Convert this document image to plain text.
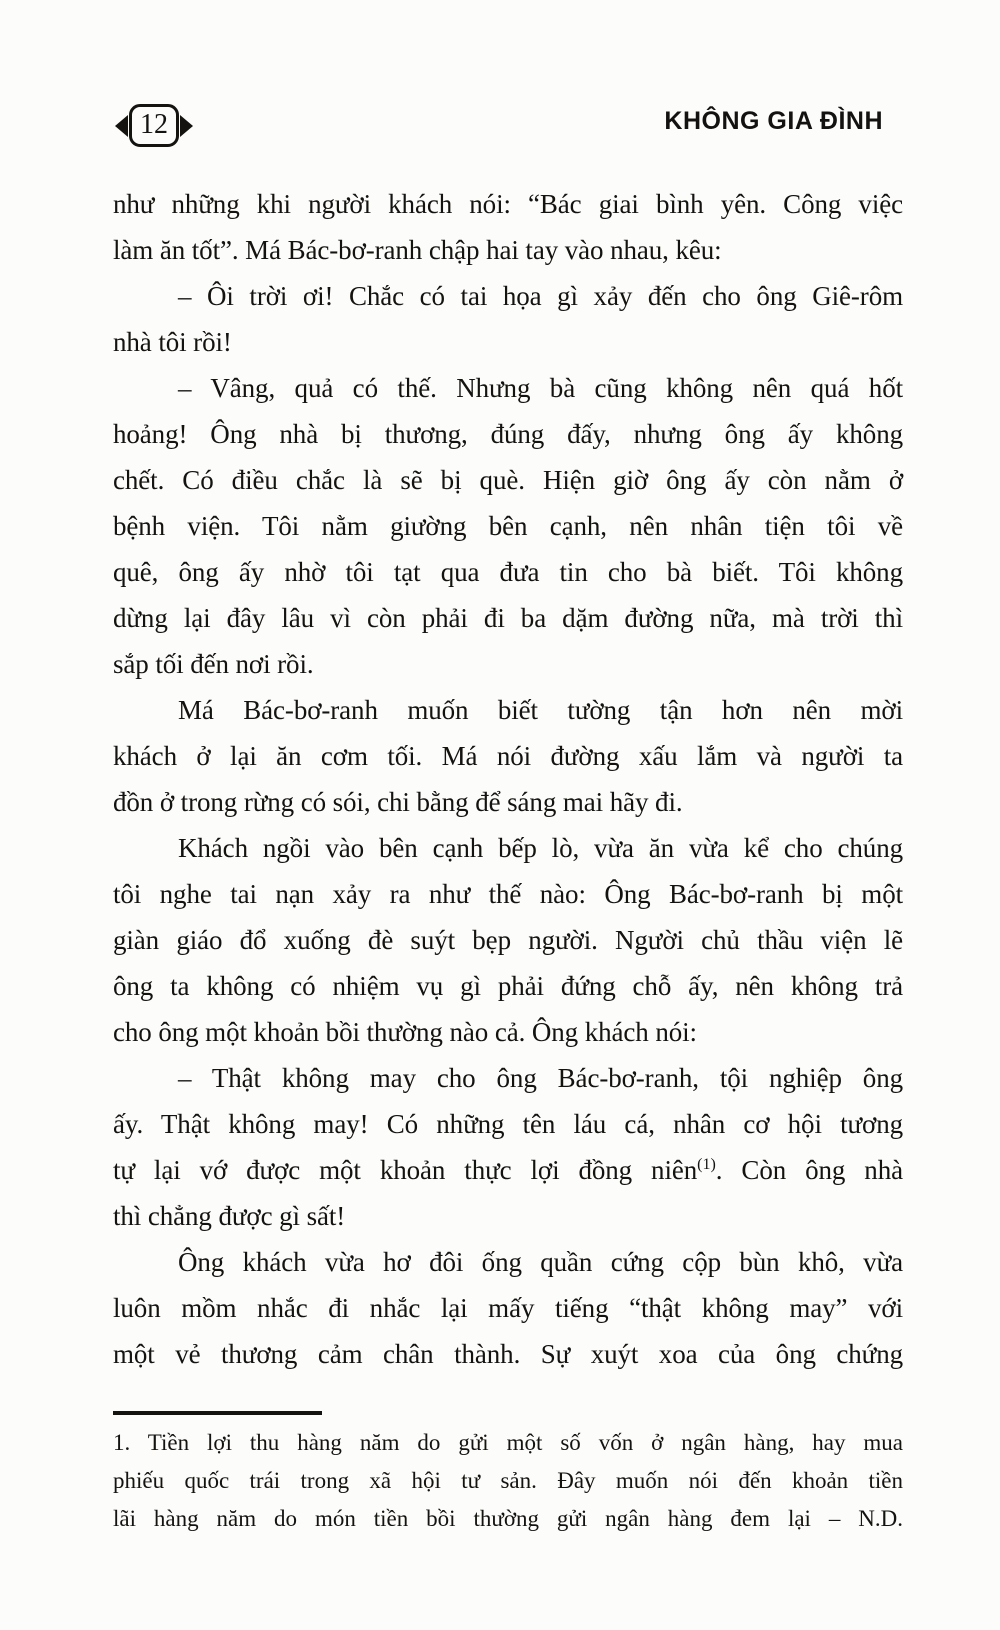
12	KHÔNG GIA ĐÌNH
như những khi người khách nói: “Bác giai bình yên. Công việc
làm ăn tốt”. Má Bác-bơ-ranh chập hai tay vào nhau, kêu:
– Ôi trời ơi! Chắc có tai họa gì xảy đến cho ông Giê-rôm
nhà tôi rồi!
– Vâng, quả có thế. Nhưng bà cũng không nên quá hốt
hoảng! Ông nhà bị thương, đúng đấy, nhưng ông ấy không
chết. Có điều chắc là sẽ bị què. Hiện giờ ông ấy còn nằm ở
bệnh viện. Tôi nằm giường bên cạnh, nên nhân tiện tôi về
quê, ông ấy nhờ tôi tạt qua đưa tin cho bà biết. Tôi không
dừng lại đây lâu vì còn phải đi ba dặm đường nữa, mà trời thì
sắp tối đến nơi rồi.
Má Bác-bơ-ranh muốn biết tường tận hơn nên mời
khách ở lại ăn cơm tối. Má nói đường xấu lắm và người ta
đồn ở trong rừng có sói, chi bằng để sáng mai hãy đi.
Khách ngồi vào bên cạnh bếp lò, vừa ăn vừa kể cho chúng
tôi nghe tai nạn xảy ra như thế nào: Ông Bác-bơ-ranh bị một
giàn giáo đổ xuống đè suýt bẹp người. Người chủ thầu viện lẽ
ông ta không có nhiệm vụ gì phải đứng chỗ ấy, nên không trả
cho ông một khoản bồi thường nào cả. Ông khách nói:
– Thật không may cho ông Bác-bơ-ranh, tội nghiệp ông
ấy. Thật không may! Có những tên láu cá, nhân cơ hội tương
tự lại vớ được một khoản thực lợi đồng niên$^{(1)}$. Còn ông nhà
thì chẳng được gì sất!
Ông khách vừa hơ đôi ống quần cứng cộp bùn khô, vừa
luôn mồm nhắc đi nhắc lại mấy tiếng “thật không may” với
một vẻ thương cảm chân thành. Sự xuýt xoa của ông chứng
1. Tiền lợi thu hàng năm do gửi một số vốn ở ngân hàng, hay mua
phiếu quốc trái trong xã hội tư sản. Đây muốn nói đến khoản tiền
lãi hàng năm do món tiền bồi thường gửi ngân hàng đem lại – N.D.
